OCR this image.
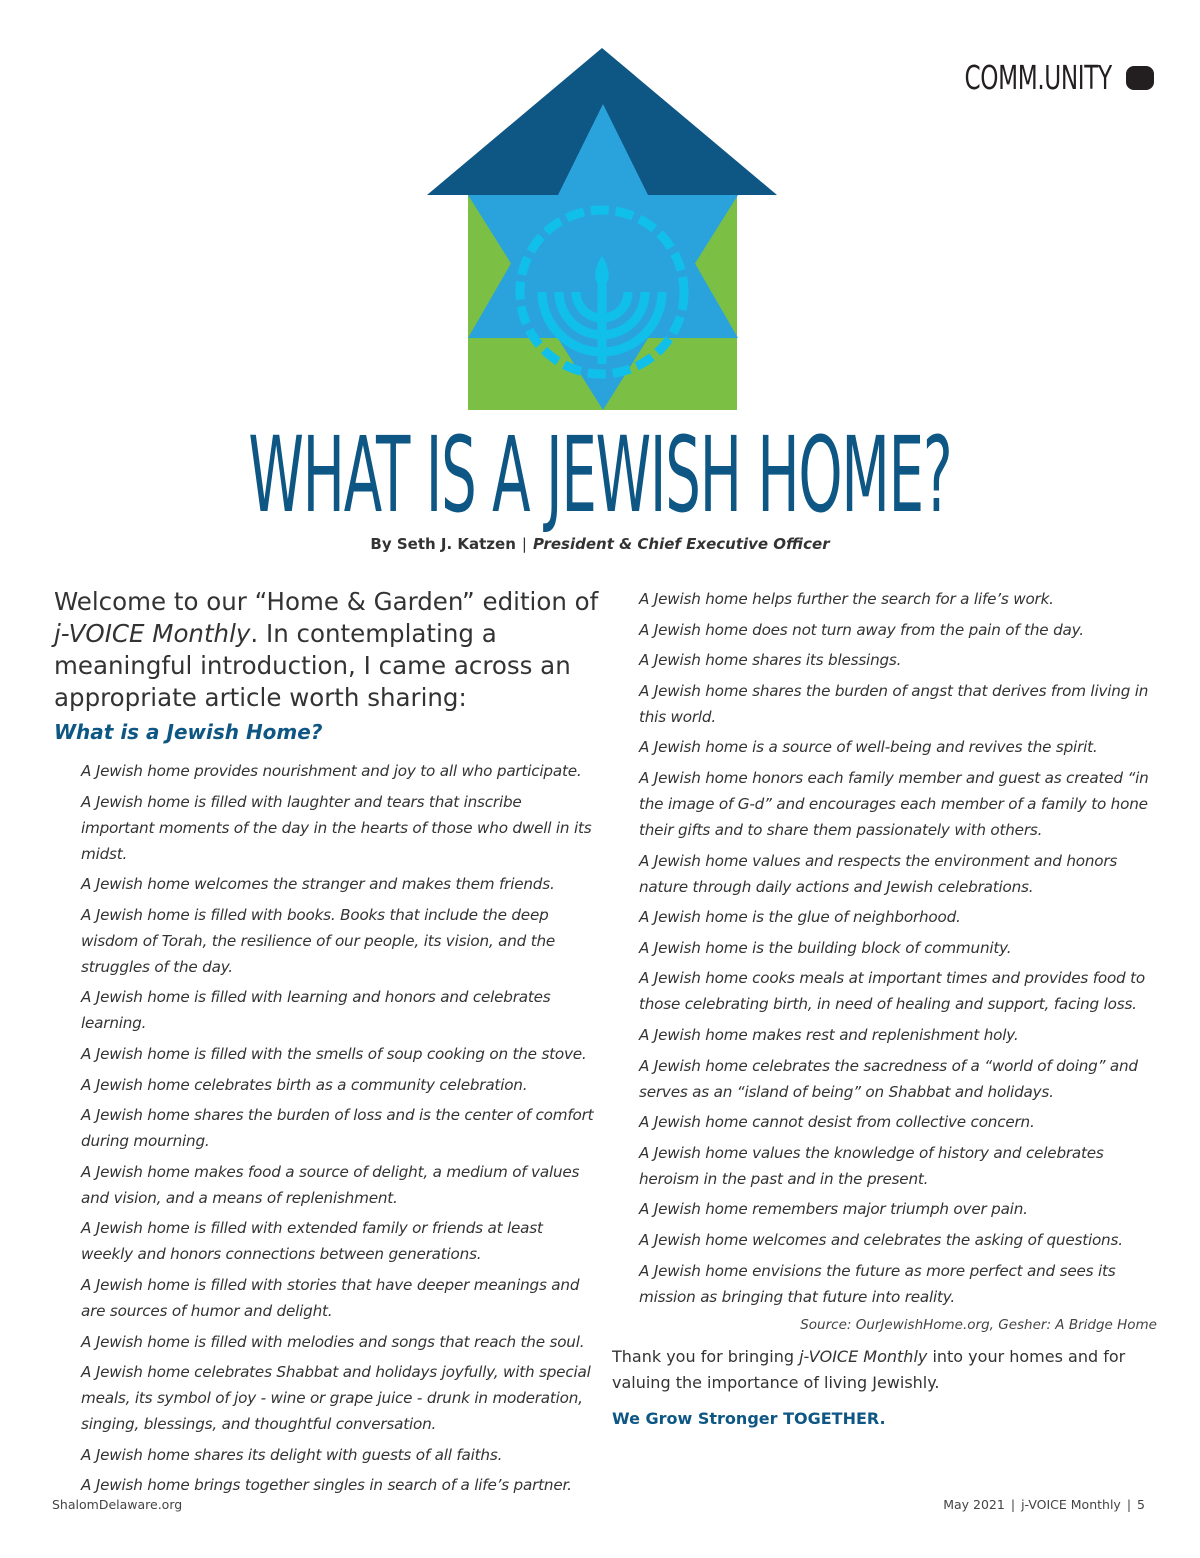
COMM.UNITY
WHAT IS A JEWISH HOME?
By Seth J. Katzen | President & Chief Executive Officer

Welcome to our “Home & Garden” edition of j-VOICE Monthly. In contemplating a meaningful introduction, I came across an appropriate article worth sharing:

What is a Jewish Home?
A Jewish home provides nourishment and joy to all who participate.
A Jewish home is filled with laughter and tears that inscribe important moments of the day in the hearts of those who dwell in its midst.
A Jewish home welcomes the stranger and makes them friends.
A Jewish home is filled with books. Books that include the deep wisdom of Torah, the resilience of our people, its vision, and the struggles of the day.
A Jewish home is filled with learning and honors and celebrates learning.
A Jewish home is filled with the smells of soup cooking on the stove.
A Jewish home celebrates birth as a community celebration.
A Jewish home shares the burden of loss and is the center of comfort during mourning.
A Jewish home makes food a source of delight, a medium of values and vision, and a means of replenishment.
A Jewish home is filled with extended family or friends at least weekly and honors connections between generations.
A Jewish home is filled with stories that have deeper meanings and are sources of humor and delight.
A Jewish home is filled with melodies and songs that reach the soul.
A Jewish home celebrates Shabbat and holidays joyfully, with special meals, its symbol of joy - wine or grape juice - drunk in moderation, singing, blessings, and thoughtful conversation.
A Jewish home shares its delight with guests of all faiths.
A Jewish home brings together singles in search of a life’s partner.
A Jewish home helps further the search for a life’s work.
A Jewish home does not turn away from the pain of the day.
A Jewish home shares its blessings.
A Jewish home shares the burden of angst that derives from living in this world.
A Jewish home is a source of well-being and revives the spirit.
A Jewish home honors each family member and guest as created “in the image of G-d” and encourages each member of a family to hone their gifts and to share them passionately with others.
A Jewish home values and respects the environment and honors nature through daily actions and Jewish celebrations.
A Jewish home is the glue of neighborhood.
A Jewish home is the building block of community.
A Jewish home cooks meals at important times and provides food to those celebrating birth, in need of healing and support, facing loss.
A Jewish home makes rest and replenishment holy.
A Jewish home celebrates the sacredness of a “world of doing” and serves as an “island of being” on Shabbat and holidays.
A Jewish home cannot desist from collective concern.
A Jewish home values the knowledge of history and celebrates heroism in the past and in the present.
A Jewish home remembers major triumph over pain.
A Jewish home welcomes and celebrates the asking of questions.
A Jewish home envisions the future as more perfect and sees its mission as bringing that future into reality.

Source: OurJewishHome.org, Gesher: A Bridge Home

Thank you for bringing j-VOICE Monthly into your homes and for valuing the importance of living Jewishly.

We Grow Stronger TOGETHER.

ShalomDelaware.org	May 2021 | j-VOICE Monthly | 5
